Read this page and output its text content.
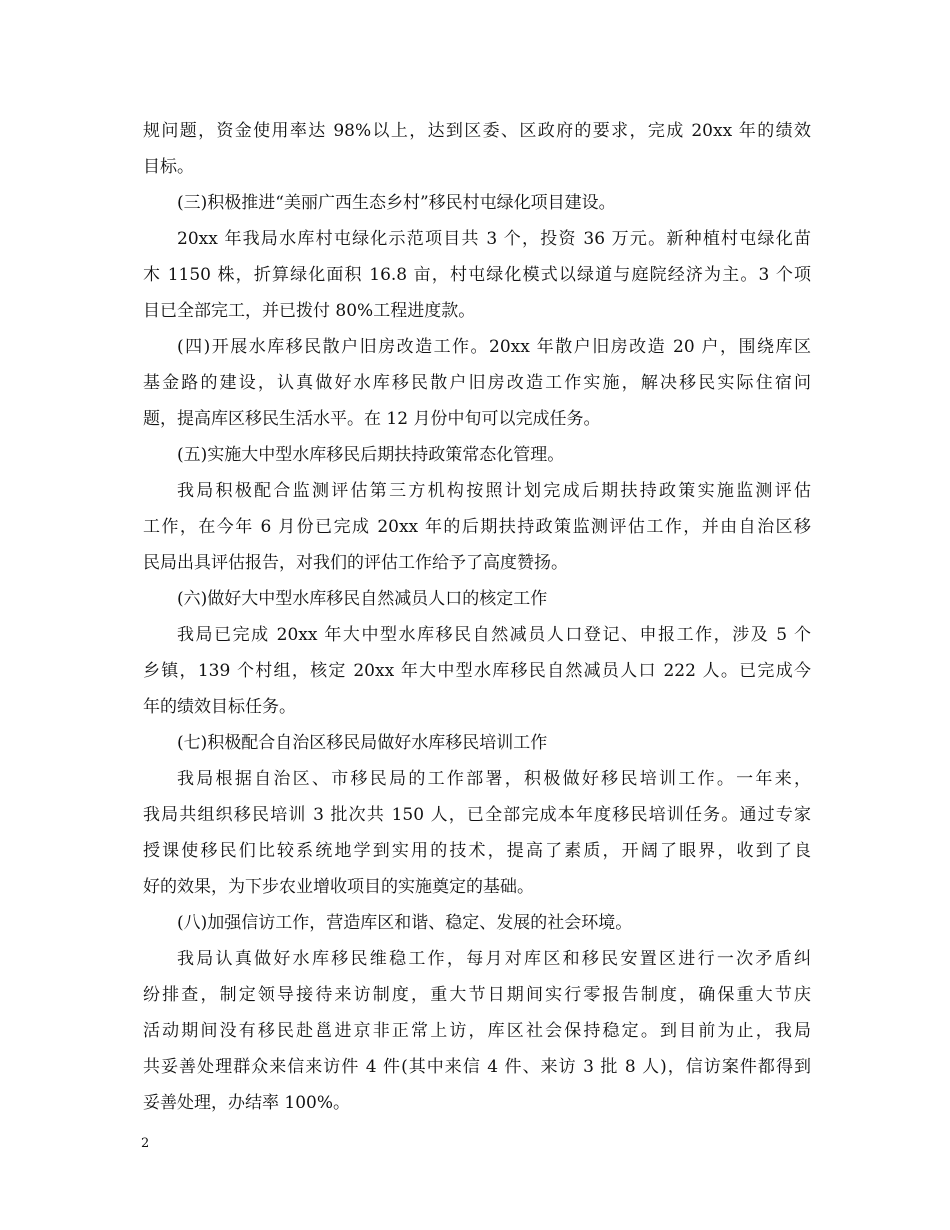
规问题，资金使用率达 98%以上，达到区委、区政府的要求，完成 20xx 年的绩效
目标。
(三)积极推进“美丽广西生态乡村”移民村屯绿化项目建设。
20xx 年我局水库村屯绿化示范项目共 3 个，投资 36 万元。新种植村屯绿化苗
木 1150 株，折算绿化面积 16.8 亩，村屯绿化模式以绿道与庭院经济为主。3 个项
目已全部完工，并已拨付 80%工程进度款。
(四)开展水库移民散户旧房改造工作。20xx 年散户旧房改造 20 户，围绕库区
基金路的建设，认真做好水库移民散户旧房改造工作实施，解决移民实际住宿问
题，提高库区移民生活水平。在 12 月份中旬可以完成任务。
(五)实施大中型水库移民后期扶持政策常态化管理。
我局积极配合监测评估第三方机构按照计划完成后期扶持政策实施监测评估
工作，在今年 6 月份已完成 20xx 年的后期扶持政策监测评估工作，并由自治区移
民局出具评估报告，对我们的评估工作给予了高度赞扬。
(六)做好大中型水库移民自然减员人口的核定工作
我局已完成 20xx 年大中型水库移民自然减员人口登记、申报工作，涉及 5 个
乡镇，139 个村组，核定 20xx 年大中型水库移民自然减员人口 222 人。已完成今
年的绩效目标任务。
(七)积极配合自治区移民局做好水库移民培训工作
我局根据自治区、市移民局的工作部署，积极做好移民培训工作。一年来，
我局共组织移民培训 3 批次共 150 人，已全部完成本年度移民培训任务。通过专家
授课使移民们比较系统地学到实用的技术，提高了素质，开阔了眼界，收到了良
好的效果，为下步农业增收项目的实施奠定的基础。
(八)加强信访工作，营造库区和谐、稳定、发展的社会环境。
我局认真做好水库移民维稳工作，每月对库区和移民安置区进行一次矛盾纠
纷排查，制定领导接待来访制度，重大节日期间实行零报告制度，确保重大节庆
活动期间没有移民赴邕进京非正常上访，库区社会保持稳定。到目前为止，我局
共妥善处理群众来信来访件 4 件(其中来信 4 件、来访 3 批 8 人)，信访案件都得到
妥善处理，办结率 100%。
2
